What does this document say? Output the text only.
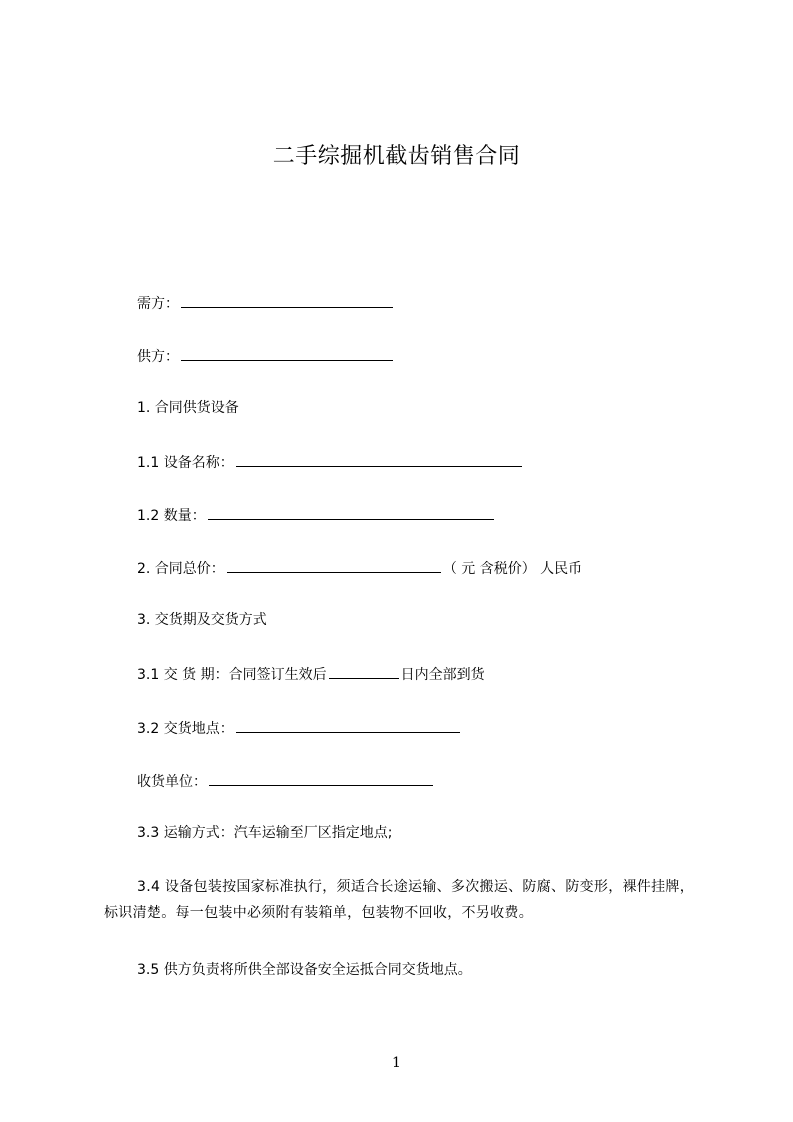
二手综掘机截齿销售合同
需方：
供方：
1. 合同供货设备
1.1 设备名称：
1.2 数量：
2. 合同总价：	（ 元 含税价） 人民币
3. 交货期及交货方式
3.1 交 货 期：合同签订生效后	日内全部到货
3.2 交货地点：
收货单位：
3.3 运输方式：汽车运输至厂区指定地点;
3.4 设备包装按国家标准执行，须适合长途运输、多次搬运、防腐、防变形，裸件挂牌，标识清楚。每一包装中必须附有装箱单，包装物不回收，不另收费。
3.5 供方负责将所供全部设备安全运抵合同交货地点。
1
